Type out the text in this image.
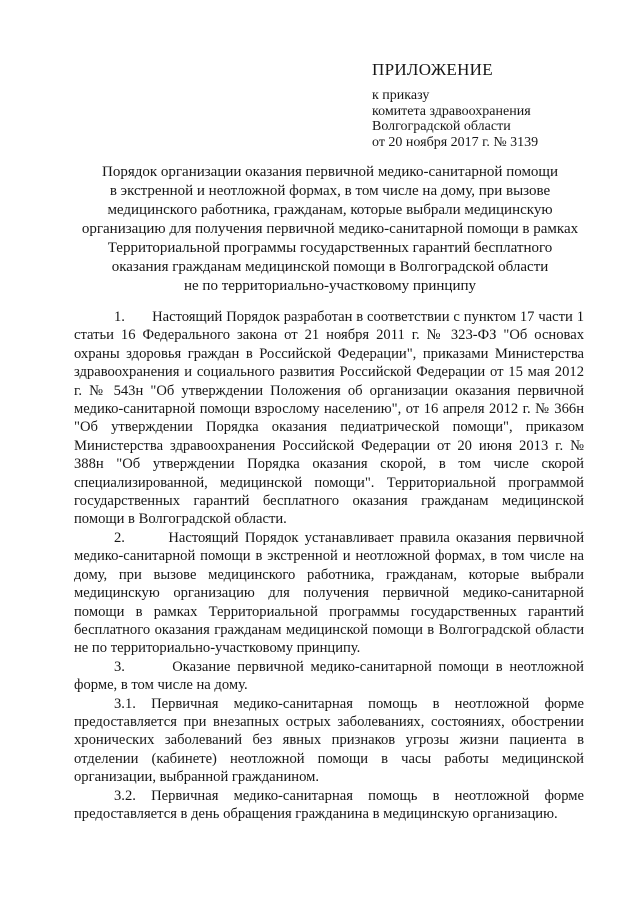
ПРИЛОЖЕНИЕ
к приказу
комитета здравоохранения
Волгоградской области
от 20 ноября 2017 г. № 3139
Порядок организации оказания первичной медико-санитарной помощи
в экстренной и неотложной формах, в том числе на дому, при вызове
медицинского работника, гражданам, которые выбрали медицинскую
организацию для получения первичной медико-санитарной помощи в рамках
Территориальной программы государственных гарантий бесплатного
оказания гражданам медицинской помощи в Волгоградской области
не по территориально-участковому принципу

1.       Настоящий Порядок разработан в соответствии с пунктом 17 части 1 статьи 16 Федерального закона от 21 ноября 2011 г. № 323-ФЗ "Об основах охраны здоровья граждан в Российской Федерации", приказами Министерства здравоохранения и социального развития Российской Федерации от 15 мая 2012 г. № 543н "Об утверждении Положения об организации оказания первичной медико-санитарной помощи взрослому населению", от 16 апреля 2012 г. № 366н "Об утверждении Порядка оказания педиатрической помощи", приказом Министерства здравоохранения Российской Федерации от 20 июня 2013 г. № 388н "Об утверждении Порядка оказания скорой, в том числе скорой специализированной, медицинской помощи". Территориальной программой государственных гарантий бесплатного оказания гражданам медицинской помощи в Волгоградской области.

2.       Настоящий Порядок устанавливает правила оказания первичной медико-санитарной помощи в экстренной и неотложной формах, в том числе на дому, при вызове медицинского работника, гражданам, которые выбрали медицинскую организацию для получения первичной медико-санитарной помощи в рамках Территориальной программы государственных гарантий бесплатного оказания гражданам медицинской помощи в Волгоградской области не по территориально-участковому принципу.

3.       Оказание первичной медико-санитарной помощи в неотложной форме, в том числе на дому.

3.1. Первичная медико-санитарная помощь в неотложной форме предоставляется при внезапных острых заболеваниях, состояниях, обострении хронических заболеваний без явных признаков угрозы жизни пациента в отделении (кабинете) неотложной помощи в часы работы медицинской организации, выбранной гражданином.

3.2. Первичная медико-санитарная помощь в неотложной форме предоставляется в день обращения гражданина в медицинскую организацию.
